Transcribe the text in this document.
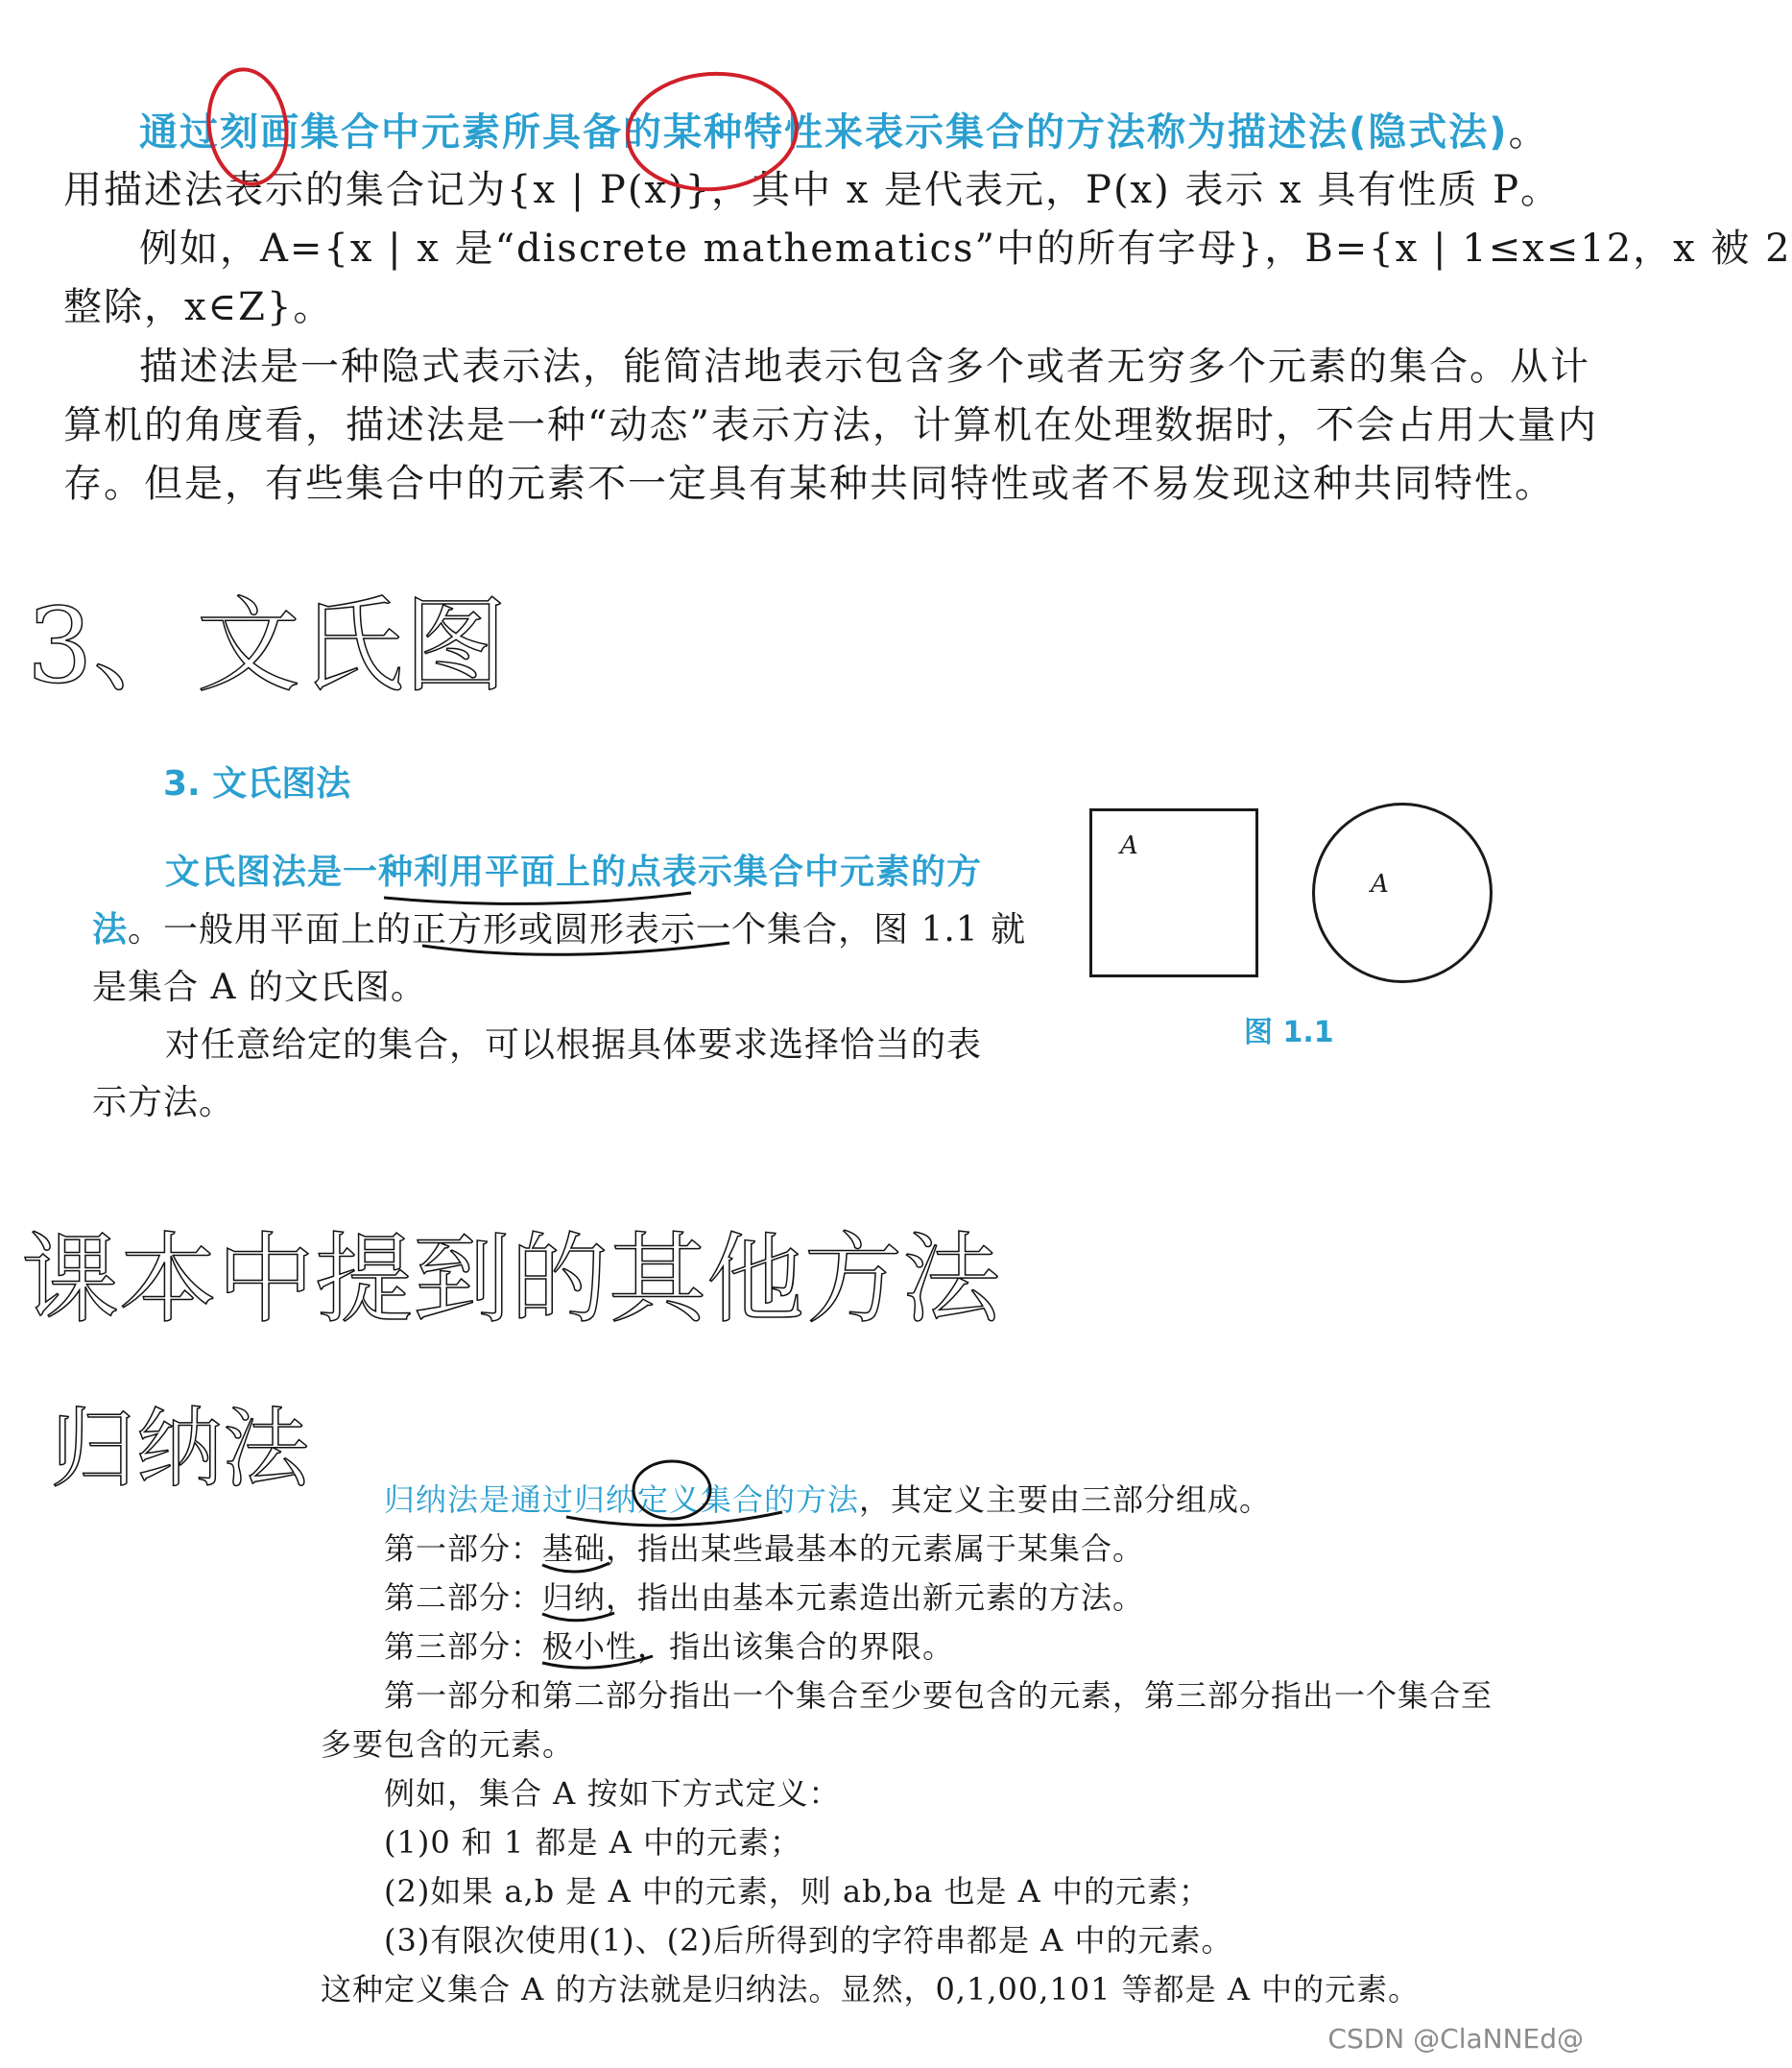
通过刻画集合中元素所具备的某种特性来表示集合的方法称为描述法(隐式法)。
用描述法表示的集合记为{x | P(x)}，其中 x 是代表元，P(x) 表示 x 具有性质 P。
例如，A={x | x 是“discrete mathematics”中的所有字母}，B={x | 1≤x≤12，x 被 2
整除，x∈Z}。
描述法是一种隐式表示法，能简洁地表示包含多个或者无穷多个元素的集合。从计
算机的角度看，描述法是一种“动态”表示方法，计算机在处理数据时，不会占用大量内
存。但是，有些集合中的元素不一定具有某种共同特性或者不易发现这种共同特性。
3. 文氏图法
文氏图法是一种利用平面上的点表示集合中元素的方
法。一般用平面上的正方形或圆形表示一个集合，图 1.1 就
是集合 A 的文氏图。
对任意给定的集合，可以根据具体要求选择恰当的表
示方法。
A
A
图 1.1
归纳法是通过归纳定义集合的方法，其定义主要由三部分组成。
第一部分：基础，指出某些最基本的元素属于某集合。
第二部分：归纳，指出由基本元素造出新元素的方法。
第三部分：极小性，指出该集合的界限。
第一部分和第二部分指出一个集合至少要包含的元素，第三部分指出一个集合至
多要包含的元素。
例如，集合 A 按如下方式定义：
(1)0 和 1 都是 A 中的元素；
(2)如果 a,b 是 A 中的元素，则 ab,ba 也是 A 中的元素；
(3)有限次使用(1)、(2)后所得到的字符串都是 A 中的元素。
这种定义集合 A 的方法就是归纳法。显然，0,1,00,101 等都是 A 中的元素。
3、文氏图
课本中提到的其他方法
归纳法
CSDN @ClaNNEd@
